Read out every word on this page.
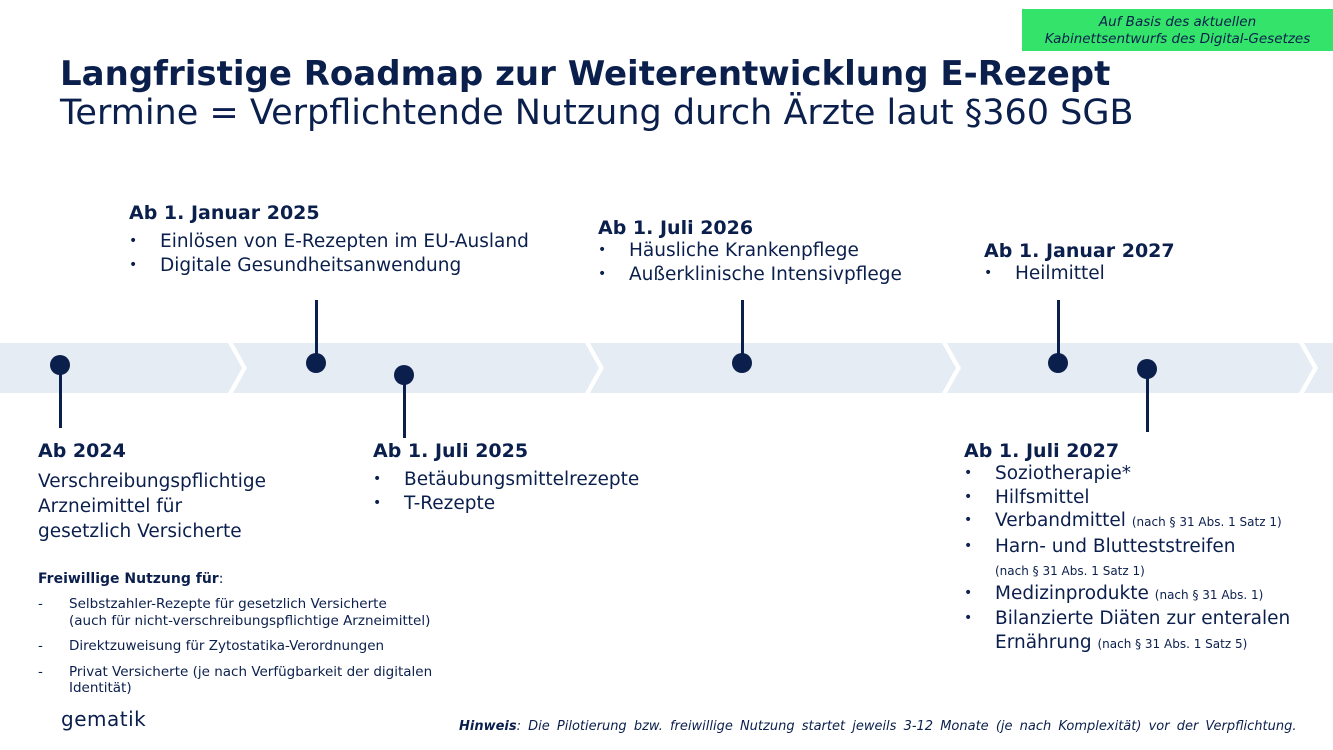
Auf Basis des aktuellen
Kabinettsentwurfs des Digital-Gesetzes
Langfristige Roadmap zur Weiterentwicklung E-Rezept
Termine = Verpflichtende Nutzung durch Ärzte laut §360 SGB
Ab 1. Januar 2025
• Einlösen von E-Rezepten im EU-Ausland
• Digitale Gesundheitsanwendung
Ab 1. Juli 2026
• Häusliche Krankenpflege
• Außerklinische Intensivpflege
Ab 1. Januar 2027
• Heilmittel
Ab 2024
Verschreibungspflichtige
Arzneimittel für
gesetzlich Versicherte
Ab 1. Juli 2025
• Betäubungsmittelrezepte
• T-Rezepte
Ab 1. Juli 2027
• Soziotherapie*
• Hilfsmittel
• Verbandmittel (nach § 31 Abs. 1 Satz 1)
• Harn- und Blutteststreifen
(nach § 31 Abs. 1 Satz 1)
• Medizinprodukte (nach § 31 Abs. 1)
• Bilanzierte Diäten zur enteralen
Ernährung (nach § 31 Abs. 1 Satz 5)
Freiwillige Nutzung für:
- Selbstzahler-Rezepte für gesetzlich Versicherte
(auch für nicht-verschreibungspflichtige Arzneimittel)
- Direktzuweisung für Zytostatika-Verordnungen
- Privat Versicherte (je nach Verfügbarkeit der digitalen
Identität)
gematik	Hinweis: Die Pilotierung bzw. freiwillige Nutzung startet jeweils 3-12 Monate (je nach Komplexität) vor der Verpflichtung.
